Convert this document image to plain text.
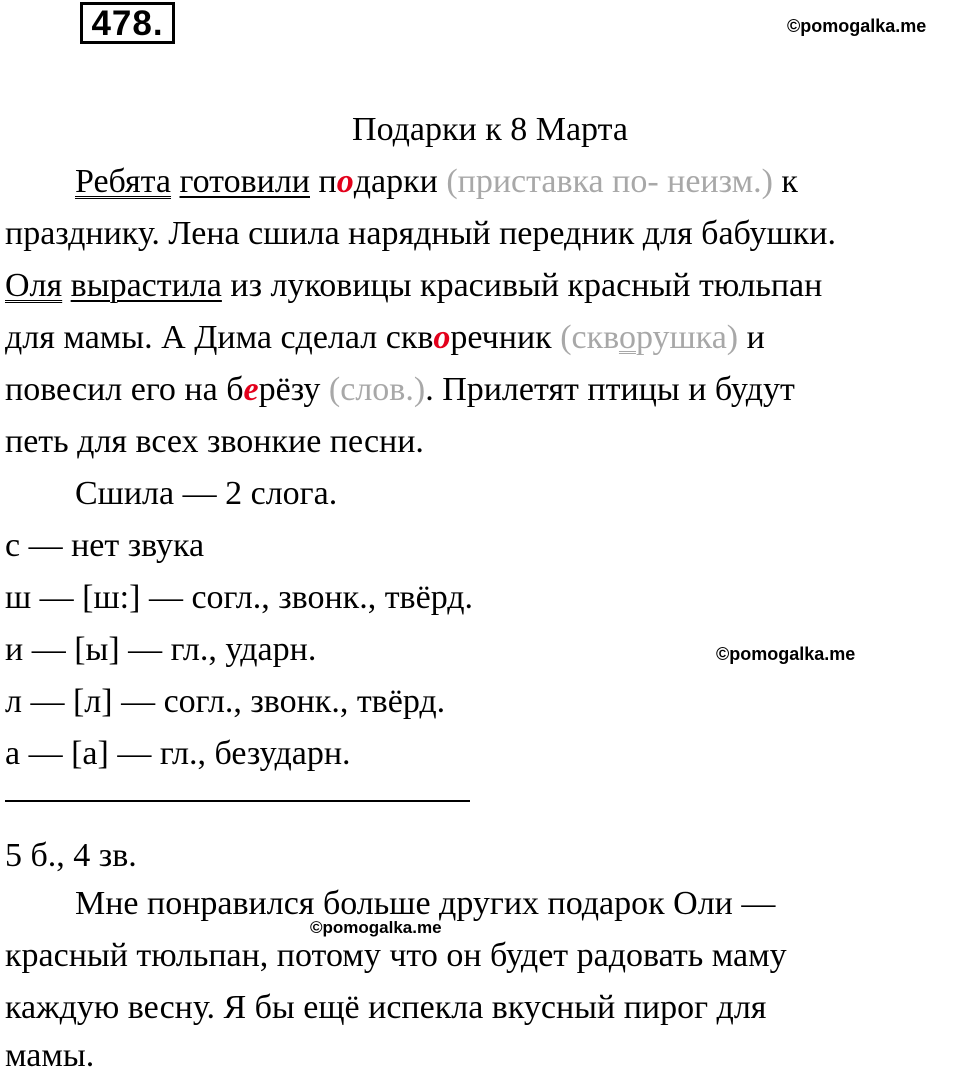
478.	©pomogalka.me
Подарки к 8 Марта
Ребята готовили подарки (приставка по- неизм.) к
празднику. Лена сшила нарядный передник для бабушки.
Оля вырастила из луковицы красивый красный тюльпан
для мамы. А Дима сделал скворечник (скворушка) и
повесил его на берёзу (слов.). Прилетят птицы и будут
петь для всех звонкие песни.
Сшила — 2 слога.
с — нет звука
ш — [ш:] — согл., звонк., твёрд.
и — [ы] — гл., ударн.	©pomogalka.me
л — [л] — согл., звонк., твёрд.
а — [а] — гл., безударн.
5 б., 4 зв.
Мне понравился больше других подарок Оли —
©pomogalka.me
красный тюльпан, потому что он будет радовать маму
каждую весну. Я бы ещё испекла вкусный пирог для
мамы.
